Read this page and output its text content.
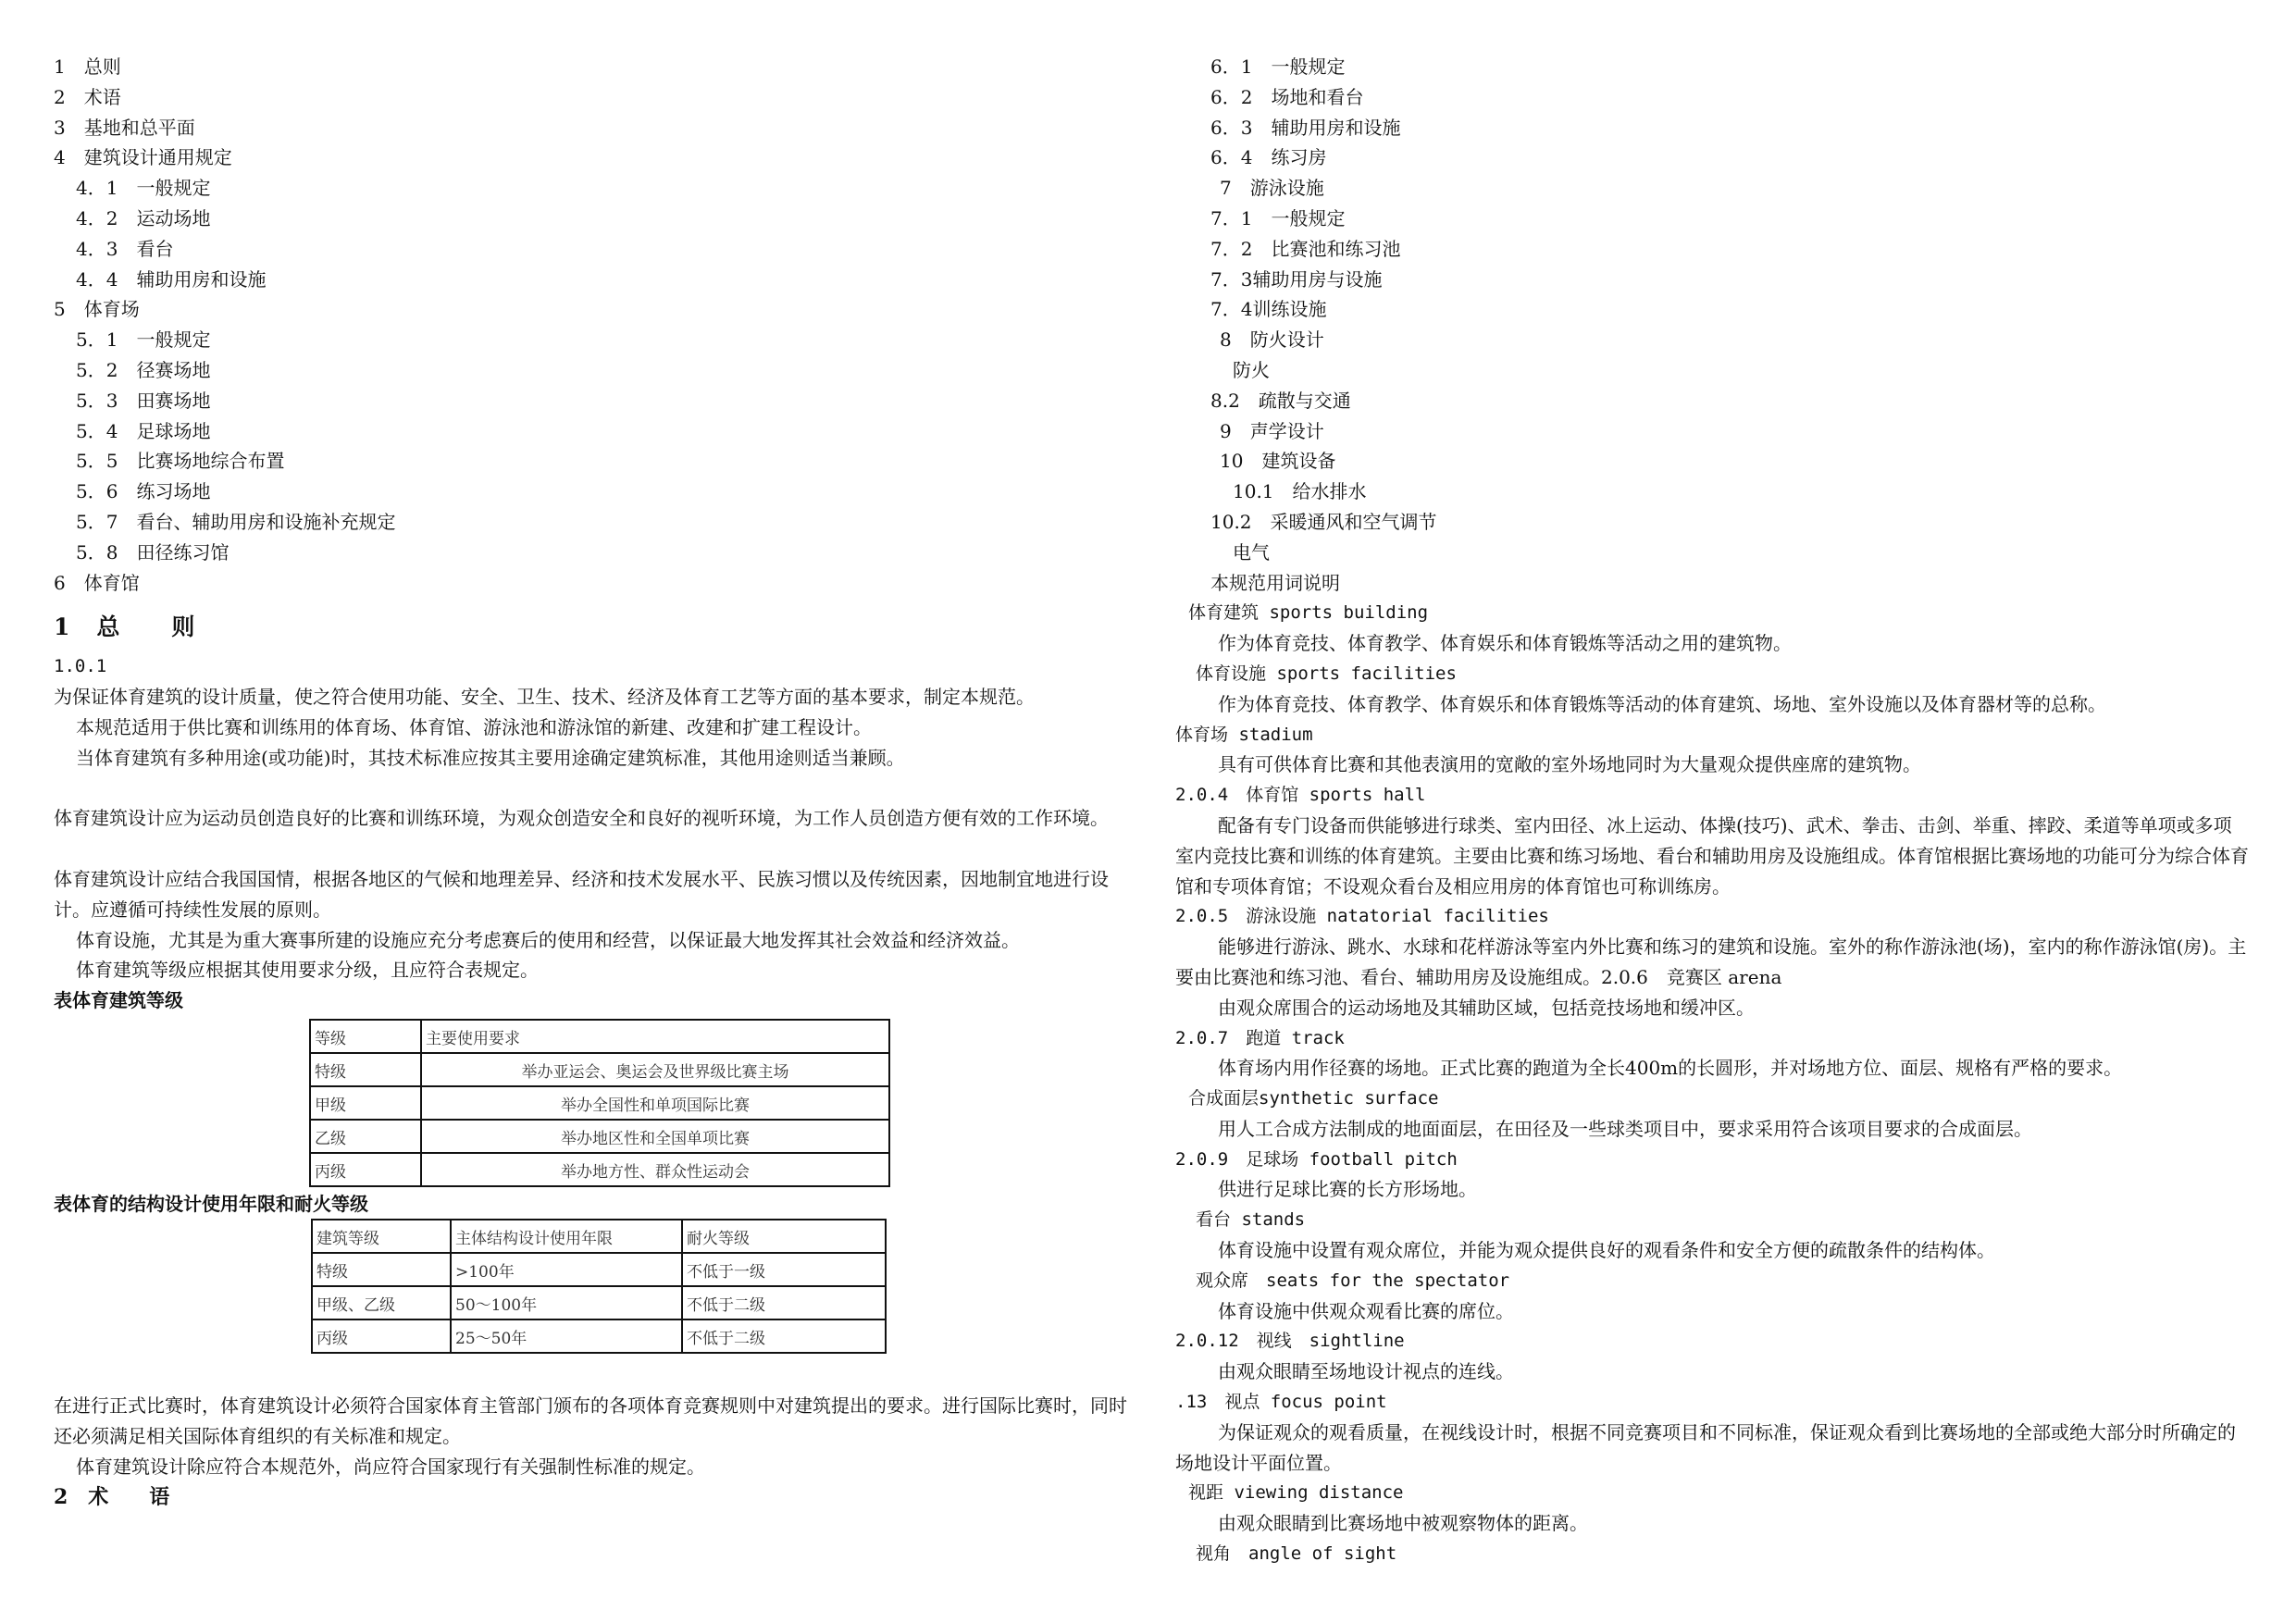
1　总则
2　术语
3　基地和总平面
4　建筑设计通用规定
4．1　一般规定
4．2　运动场地
4．3　看台
4．4　辅助用房和设施
5　体育场
5．1　一般规定
5．2　径赛场地
5．3　田赛场地
5．4　足球场地
5．5　比赛场地综合布置
5．6　练习场地
5．7　看台、辅助用房和设施补充规定
5．8　田径练习馆
6　体育馆
1　总　　则
1.0.1
为保证体育建筑的设计质量，使之符合使用功能、安全、卫生、技术、经济及体育工艺等方面的基本要求，制定本规范。
本规范适用于供比赛和训练用的体育场、体育馆、游泳池和游泳馆的新建、改建和扩建工程设计。
当体育建筑有多种用途(或功能)时，其技术标准应按其主要用途确定建筑标准，其他用途则适当兼顾。
体育建筑设计应为运动员创造良好的比赛和训练环境，为观众创造安全和良好的视听环境，为工作人员创造方便有效的工作环境。
体育建筑设计应结合我国国情，根据各地区的气候和地理差异、经济和技术发展水平、民族习惯以及传统因素，因地制宜地进行设计。应遵循可持续性发展的原则。
体育设施，尤其是为重大赛事所建的设施应充分考虑赛后的使用和经营，以保证最大地发挥其社会效益和经济效益。
体育建筑等级应根据其使用要求分级，且应符合表规定。
表体育建筑等级
等级	主要使用要求
特级	举办亚运会、奥运会及世界级比赛主场
甲级	举办全国性和单项国际比赛
乙级	举办地区性和全国单项比赛
丙级	举办地方性、群众性运动会
表体育的结构设计使用年限和耐火等级
建筑等级	主体结构设计使用年限	耐火等级
特级	>100年	不低于一级
甲级、乙级	50～100年	不低于二级
丙级	25～50年	不低于二级
在进行正式比赛时，体育建筑设计必须符合国家体育主管部门颁布的各项体育竞赛规则中对建筑提出的要求。进行国际比赛时，同时还必须满足相关国际体育组织的有关标准和规定。
体育建筑设计除应符合本规范外，尚应符合国家现行有关强制性标准的规定。
2　术　　语
6．1　一般规定
6．2　场地和看台
6．3　辅助用房和设施
6．4　练习房
7　游泳设施
7．1　一般规定
7．2　比赛池和练习池
7．3辅助用房与设施
7．4训练设施
8　防火设计
防火
8.2　疏散与交通
9　声学设计
10　建筑设备
10.1　给水排水
10.2　采暖通风和空气调节
电气
本规范用词说明
体育建筑 sports building
作为体育竞技、体育教学、体育娱乐和体育锻炼等活动之用的建筑物。
体育设施 sports facilities
作为体育竞技、体育教学、体育娱乐和体育锻炼等活动的体育建筑、场地、室外设施以及体育器材等的总称。
体育场 stadium
具有可供体育比赛和其他表演用的宽敞的室外场地同时为大量观众提供座席的建筑物。
2.0.4　体育馆 sports hall
配备有专门设备而供能够进行球类、室内田径、冰上运动、体操(技巧)、武术、拳击、击剑、举重、摔跤、柔道等单项或多项室内竞技比赛和训练的体育建筑。主要由比赛和练习场地、看台和辅助用房及设施组成。体育馆根据比赛场地的功能可分为综合体育馆和专项体育馆；不设观众看台及相应用房的体育馆也可称训练房。
2.0.5　游泳设施 natatorial facilities
能够进行游泳、跳水、水球和花样游泳等室内外比赛和练习的建筑和设施。室外的称作游泳池(场)，室内的称作游泳馆(房)。主要由比赛池和练习池、看台、辅助用房及设施组成。2.0.6　竞赛区 arena
由观众席围合的运动场地及其辅助区域，包括竞技场地和缓冲区。
2.0.7　跑道 track
体育场内用作径赛的场地。正式比赛的跑道为全长400m的长圆形，并对场地方位、面层、规格有严格的要求。
合成面层synthetic surface
用人工合成方法制成的地面面层，在田径及一些球类项目中，要求采用符合该项目要求的合成面层。
2.0.9　足球场 football pitch
供进行足球比赛的长方形场地。
看台 stands
体育设施中设置有观众席位，并能为观众提供良好的观看条件和安全方便的疏散条件的结构体。
观众席　seats for the spectator
体育设施中供观众观看比赛的席位。
2.0.12　视线　sightline
由观众眼睛至场地设计视点的连线。
.13　视点 focus point
为保证观众的观看质量，在视线设计时，根据不同竞赛项目和不同标准，保证观众看到比赛场地的全部或绝大部分时所确定的场地设计平面位置。
视距 viewing distance
由观众眼睛到比赛场地中被观察物体的距离。
视角　angle of sight
